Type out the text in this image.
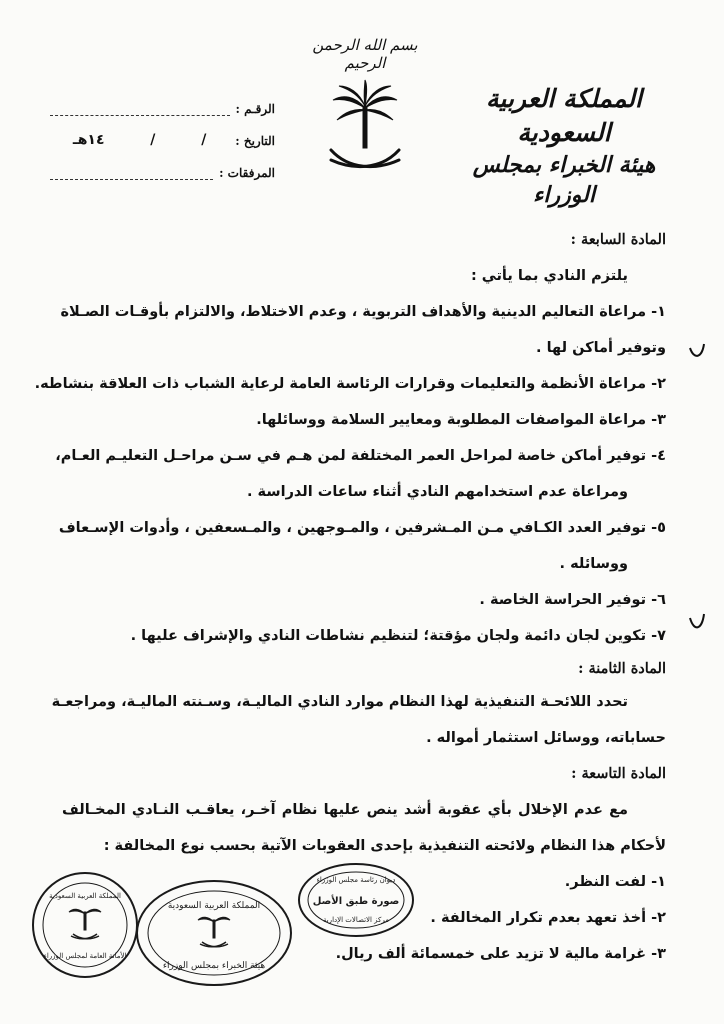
بسم الله الرحمن الرحيم
المملكة العربية السعودية
هيئة الخبراء بمجلس الوزراء
الرقـم :
التاريخ :
/
/
١٤هـ
المرفقات :
المادة السابعة :
يلتزم النادي بما يأتي :
١- مراعاة التعاليم الدينية والأهداف التربوية ، وعدم الاختلاط، والالتزام بأوقـات الصـلاة
وتوفير أماكن لها .
٢- مراعاة الأنظمة والتعليمات وقرارات الرئاسة العامة لرعاية الشباب ذات العلاقة بنشاطه.
٣- مراعاة المواصفات المطلوبة ومعايير السلامة ووسائلها.
٤- توفير أماكن خاصة لمراحل العمر المختلفة لمن هـم في سـن مراحـل التعليـم العـام،
ومراعاة عدم استخدامهم النادي أثناء ساعات الدراسة .
٥- توفير العدد الكـافي مـن المـشرفين ، والمـوجهين ، والمـسعفين ، وأدوات الإسـعاف
ووسائله .
٦- توفير الحراسة الخاصة .
٧- تكوين لجان دائمة ولجان مؤقتة؛ لتنظيم نشاطات النادي والإشراف عليها .
المادة الثامنة :
تحدد اللائحـة التنفيذية لهذا النظام موارد النادي الماليـة، وسـنته الماليـة، ومراجعـة
حساباته، ووسائل استثمار أمواله .
المادة التاسعة :
مع عدم الإخلال بأي عقوبة أشد ينص عليها نظام آخـر، يعاقـب النـادي المخـالف
لأحكام هذا النظام ولائحته التنفيذية بإحدى العقوبات الآتية بحسب نوع المخالفة :
١- لفت النظر.
٢- أخذ تعهد بعدم تكرار المخالفة .
٣- غرامة مالية لا تزيد على خمسمائة ألف ريال.
ديوان رئاسة مجلس الوزراء
صورة طبق الأصل
مركز الاتصالات الإدارية
المملكة العربية السعودية
هيئة الخبراء بمجلس الوزراء
المملكة العربية السعودية
الأمانة العامة لمجلس الوزراء
